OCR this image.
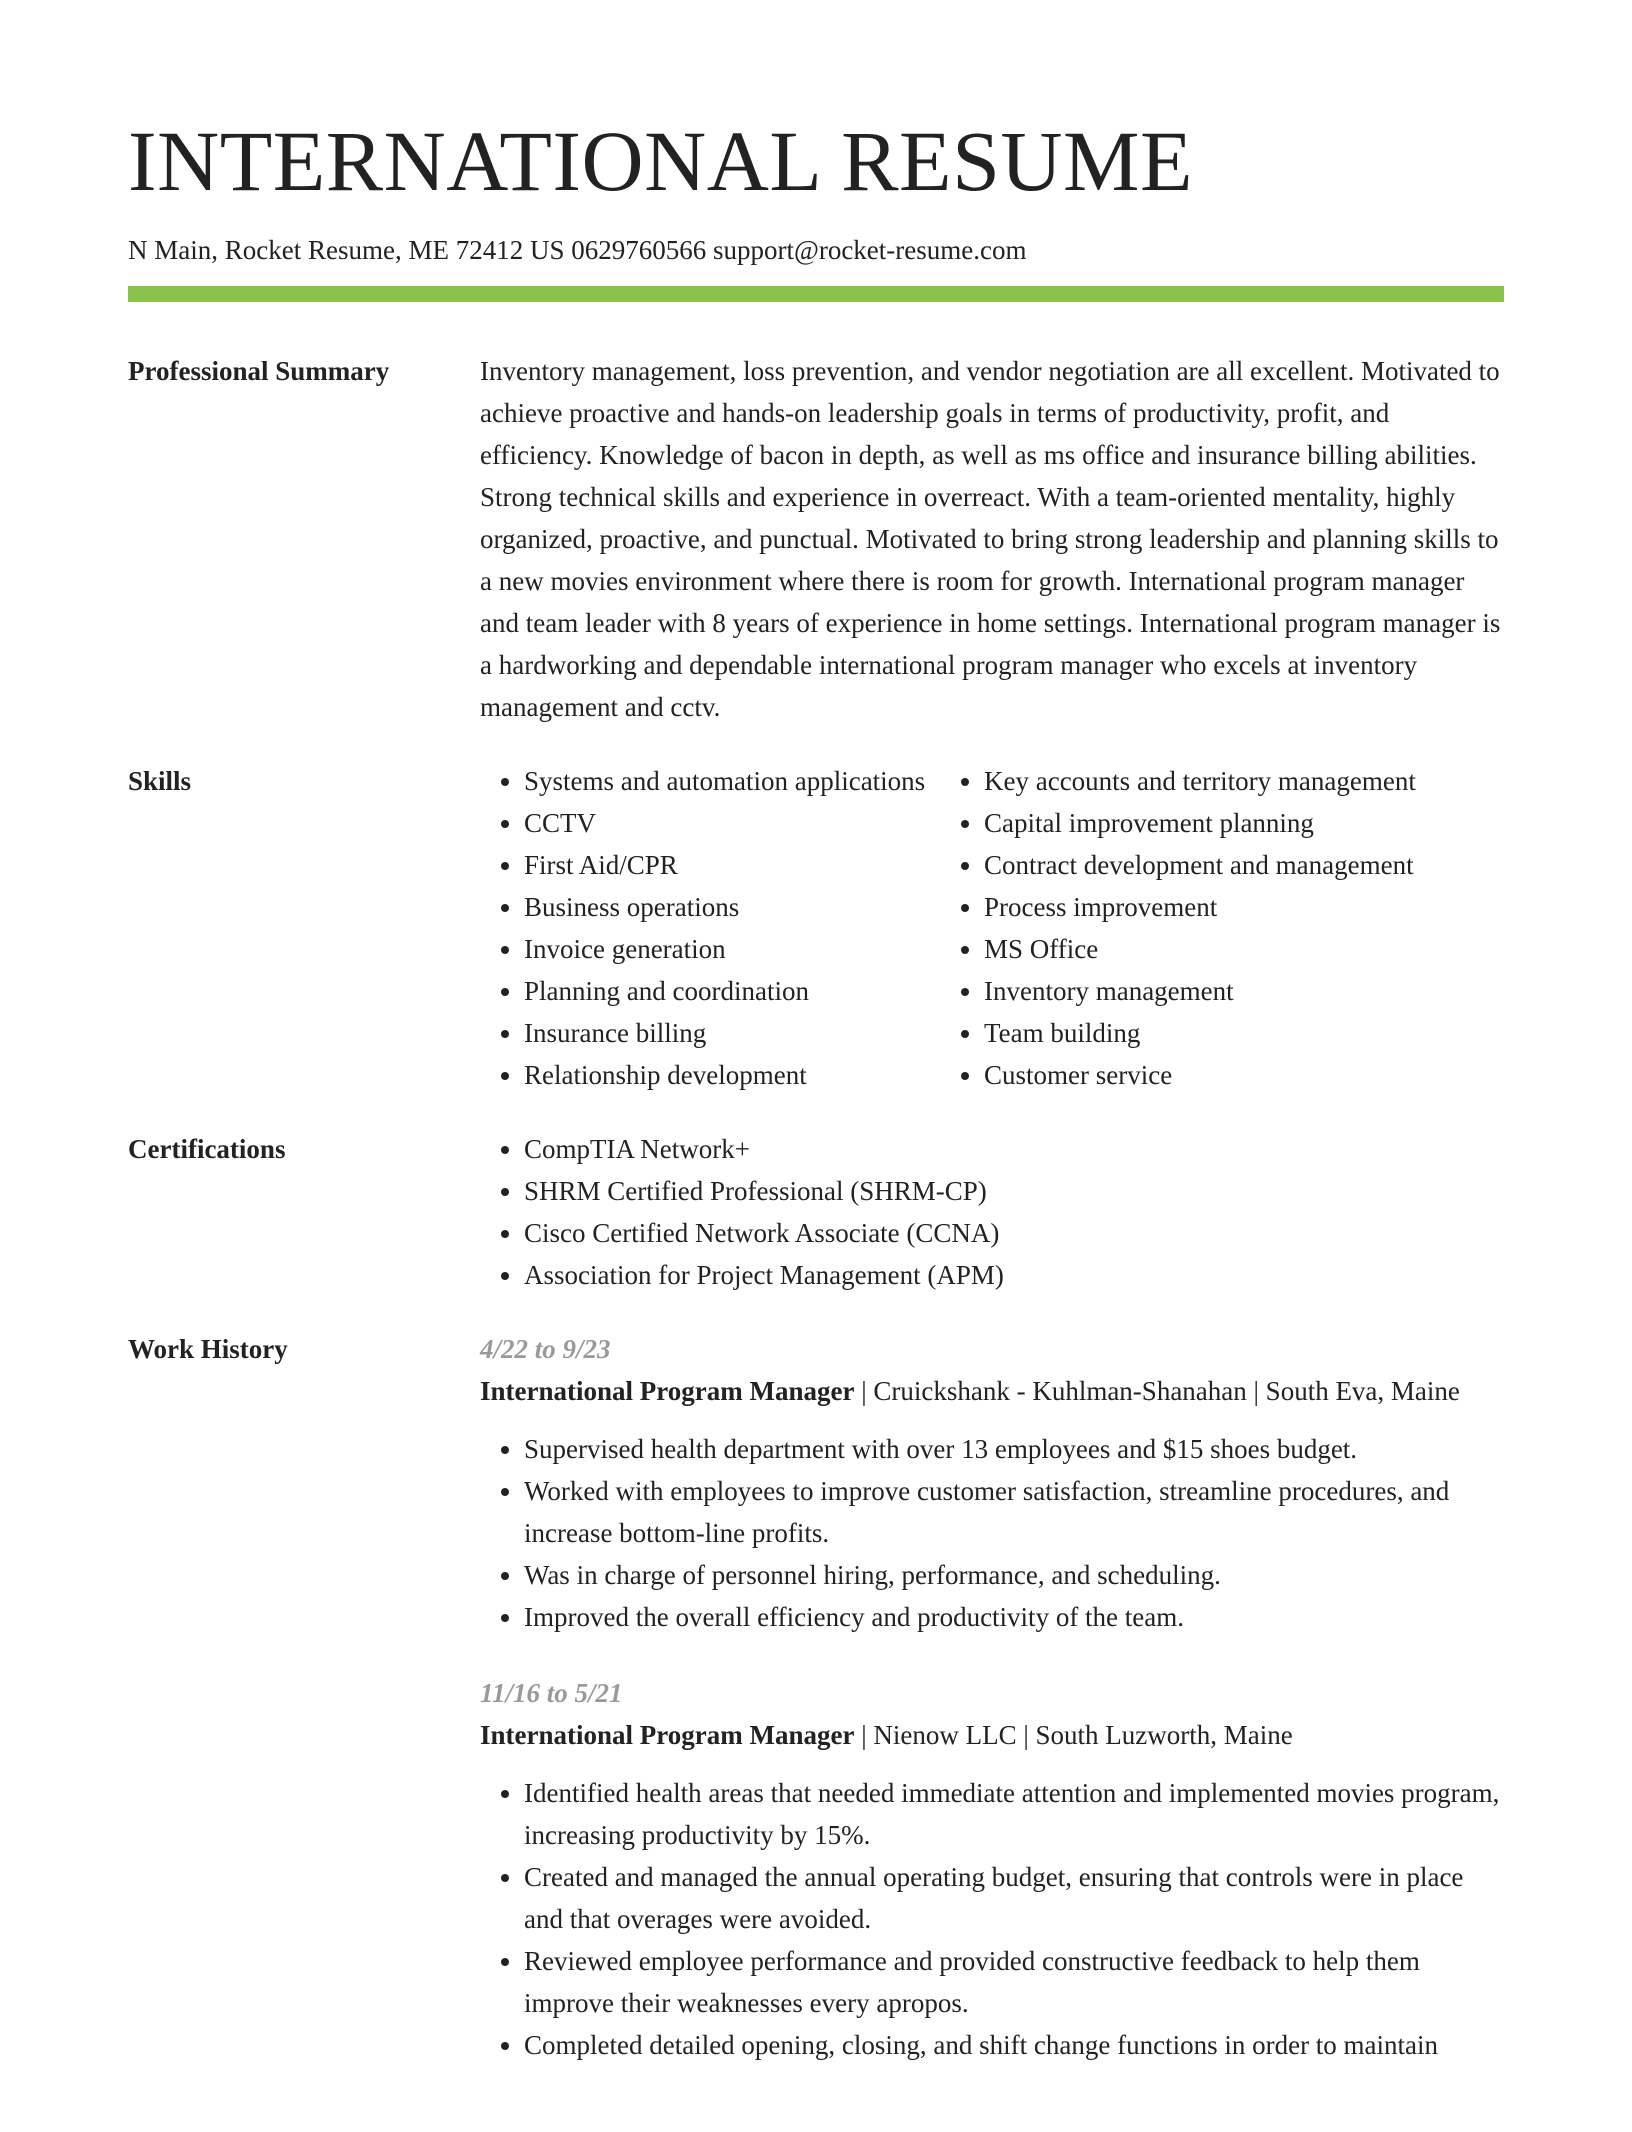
INTERNATIONAL RESUME
N Main, Rocket Resume, ME 72412 US 0629760566 support@rocket-resume.com
Professional Summary	Inventory management, loss prevention, and vendor negotiation are all excellent. Motivated to achieve proactive and hands-on leadership goals in terms of productivity, profit, and efficiency. Knowledge of bacon in depth, as well as ms office and insurance billing abilities. Strong technical skills and experience in overreact. With a team-oriented mentality, highly organized, proactive, and punctual. Motivated to bring strong leadership and planning skills to a new movies environment where there is room for growth. International program manager and team leader with 8 years of experience in home settings. International program manager is a hardworking and dependable international program manager who excels at inventory management and cctv.

Skills	• Systems and automation applications
• CCTV
• First Aid/CPR
• Business operations
• Invoice generation
• Planning and coordination
• Insurance billing
• Relationship development
• Key accounts and territory management
• Capital improvement planning
• Contract development and management
• Process improvement
• MS Office
• Inventory management
• Team building
• Customer service
Certifications	• CompTIA Network+
• SHRM Certified Professional (SHRM-CP)
• Cisco Certified Network Associate (CCNA)
• Association for Project Management (APM)
Work History	4/22 to 9/23
International Program Manager | Cruickshank - Kuhlman-Shanahan | South Eva, Maine
• Supervised health department with over 13 employees and $15 shoes budget.
• Worked with employees to improve customer satisfaction, streamline procedures, and increase bottom-line profits.
• Was in charge of personnel hiring, performance, and scheduling.
• Improved the overall efficiency and productivity of the team.
11/16 to 5/21
International Program Manager | Nienow LLC | South Luzworth, Maine
• Identified health areas that needed immediate attention and implemented movies program, increasing productivity by 15%.
• Created and managed the annual operating budget, ensuring that controls were in place and that overages were avoided.
• Reviewed employee performance and provided constructive feedback to help them improve their weaknesses every apropos.
• Completed detailed opening, closing, and shift change functions in order to maintain
